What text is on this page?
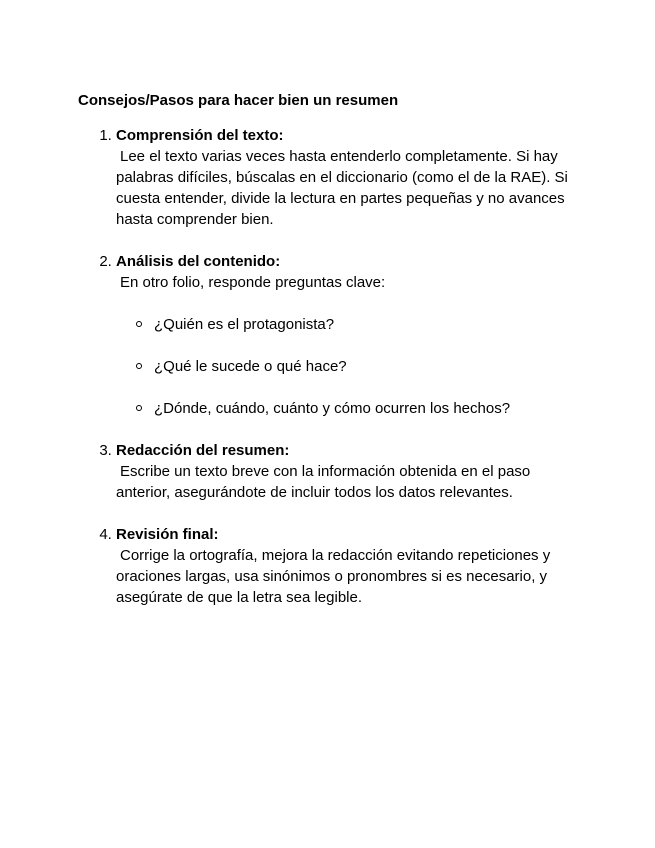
Consejos/Pasos para hacer bien un resumen
1. Comprensión del texto:
Lee el texto varias veces hasta entenderlo completamente. Si hay palabras difíciles, búscalas en el diccionario (como el de la RAE). Si cuesta entender, divide la lectura en partes pequeñas y no avances hasta comprender bien.
2. Análisis del contenido:
En otro folio, responde preguntas clave:
¿Quién es el protagonista?
¿Qué le sucede o qué hace?
¿Dónde, cuándo, cuánto y cómo ocurren los hechos?
3. Redacción del resumen:
Escribe un texto breve con la información obtenida en el paso anterior, asegurándote de incluir todos los datos relevantes.
4. Revisión final:
Corrige la ortografía, mejora la redacción evitando repeticiones y oraciones largas, usa sinónimos o pronombres si es necesario, y asegúrate de que la letra sea legible.
